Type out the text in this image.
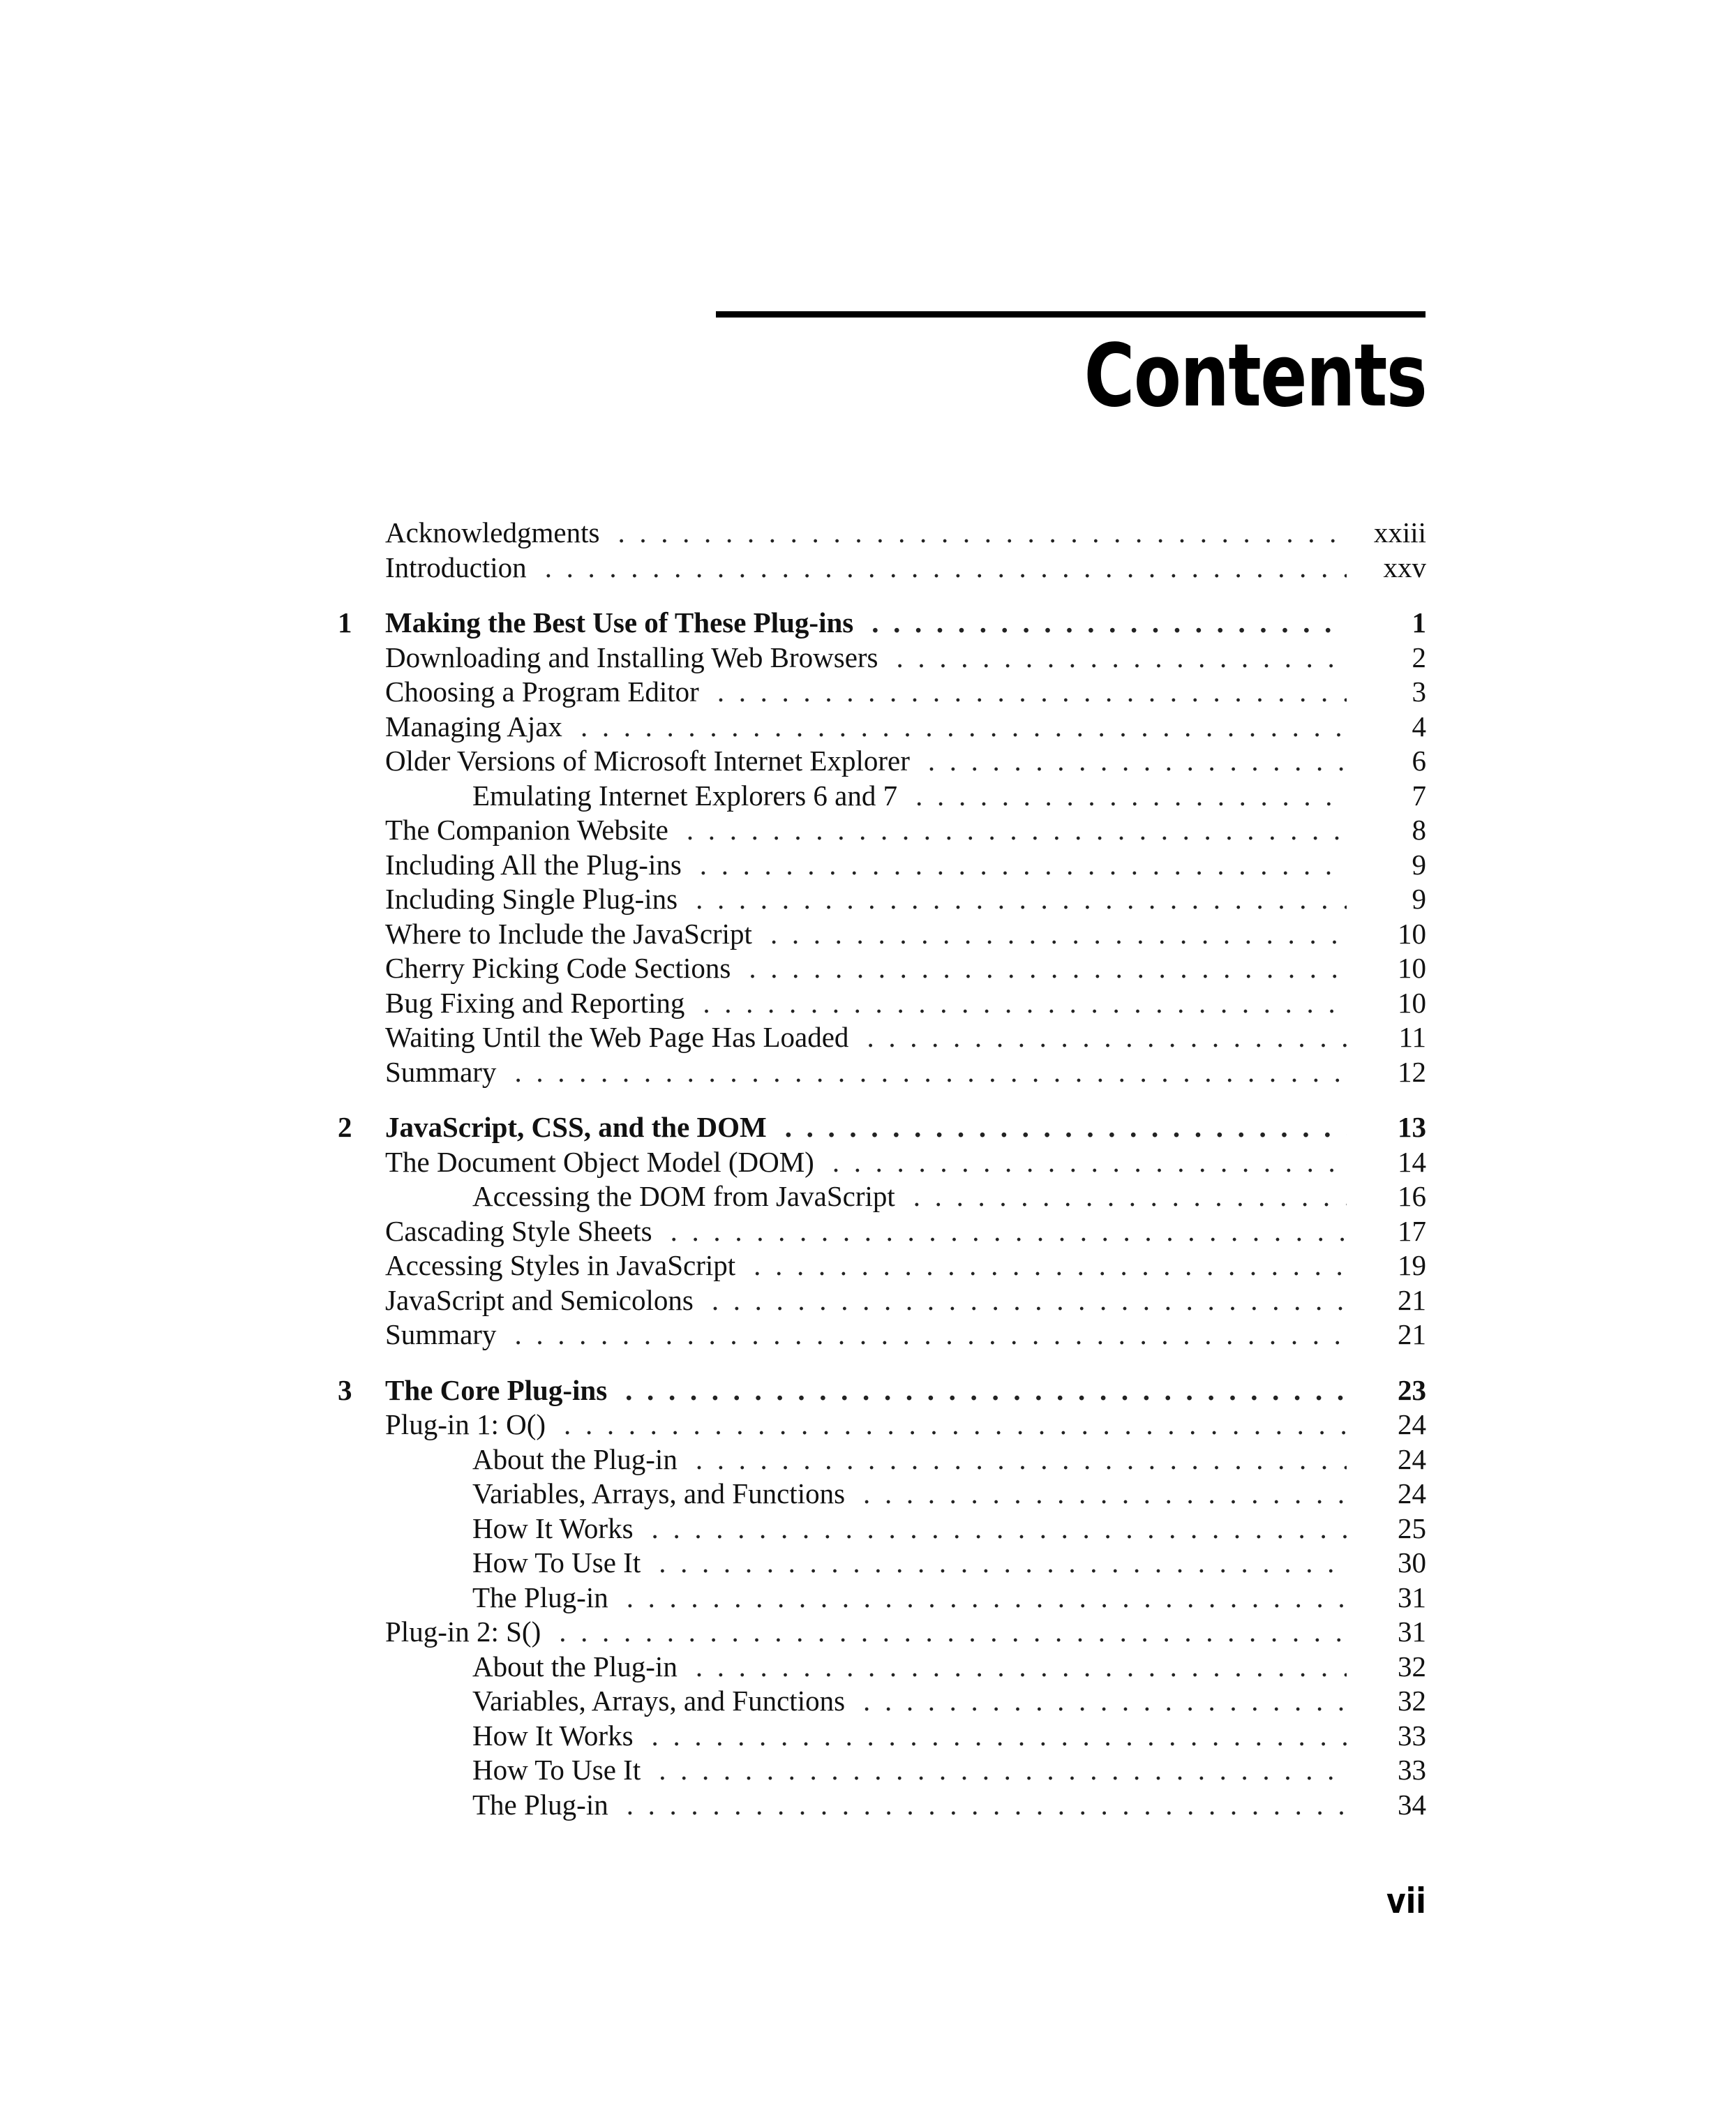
Contents
Acknowledgments . . .	xxiii
Introduction . . .	xxv
1 Making the Best Use of These Plug-ins . . .	1
Downloading and Installing Web Browsers . . .	2
Choosing a Program Editor . . .	3
Managing Ajax . . .	4
Older Versions of Microsoft Internet Explorer . . .	6
Emulating Internet Explorers 6 and 7 . . .	7
The Companion Website . . .	8
Including All the Plug-ins . . .	9
Including Single Plug-ins . . .	9
Where to Include the JavaScript . . .	10
Cherry Picking Code Sections . . .	10
Bug Fixing and Reporting . . .	10
Waiting Until the Web Page Has Loaded . . .	11
Summary . . .	12
2 JavaScript, CSS, and the DOM . . .	13
The Document Object Model (DOM) . . .	14
Accessing the DOM from JavaScript . . .	16
Cascading Style Sheets . . .	17
Accessing Styles in JavaScript . . .	19
JavaScript and Semicolons . . .	21
Summary . . .	21
3 The Core Plug-ins . . .	23
Plug-in 1: O() . . .	24
About the Plug-in . . .	24
Variables, Arrays, and Functions . . .	24
How It Works . . .	25
How To Use It . . .	30
The Plug-in . . .	31
Plug-in 2: S() . . .	31
About the Plug-in . . .	32
Variables, Arrays, and Functions . . .	32
How It Works . . .	33
How To Use It . . .	33
The Plug-in . . .	34
vii
